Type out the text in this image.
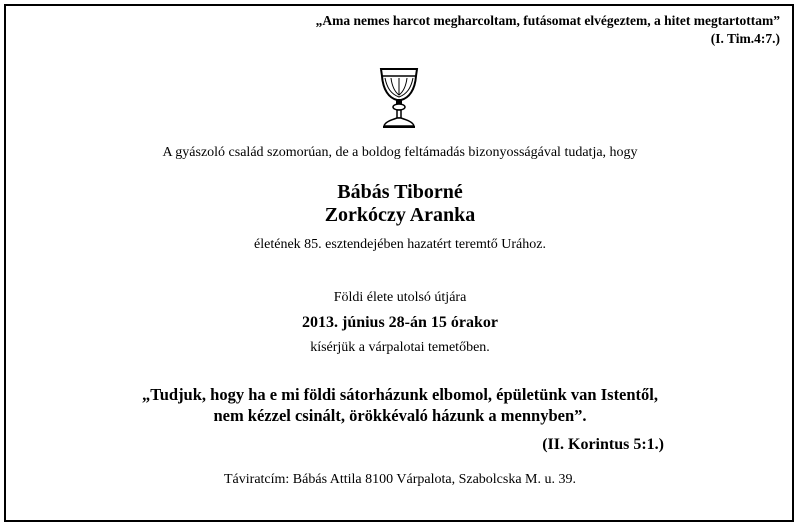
„Ama nemes harcot megharcoltam, futásomat elvégeztem, a hitet megtartottam”
(I. Tim.4:7.)
A gyászoló család szomorúan, de a boldog feltámadás bizonyosságával tudatja, hogy
Bábás Tiborné
Zorkóczy Aranka
életének 85. esztendejében hazatért teremtő Urához.
Földi élete utolsó útjára
2013. június 28-án 15 órakor
kísérjük a várpalotai temetőben.
„Tudjuk, hogy ha e mi földi sátorházunk elbomol, épületünk van Istentől,
nem kézzel csinált, örökkévaló házunk a mennyben”.
(II. Korintus 5:1.)
Táviratcím: Bábás Attila 8100 Várpalota, Szabolcska M. u. 39.
